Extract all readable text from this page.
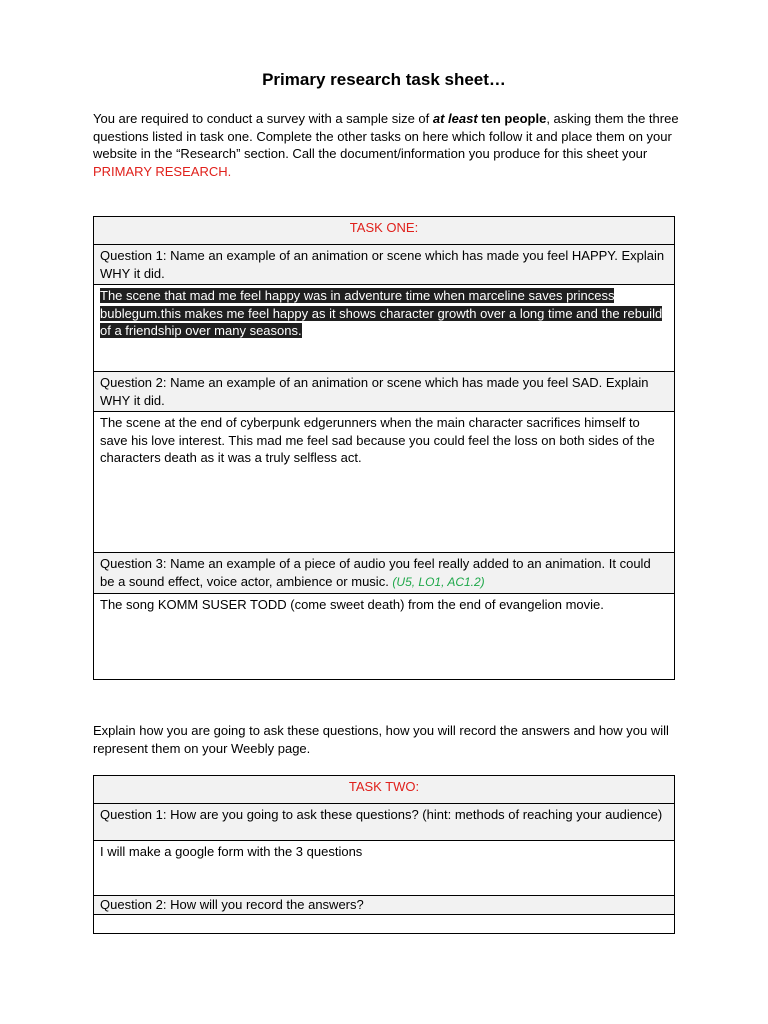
Primary research task sheet…
You are required to conduct a survey with a sample size of at least ten people, asking them the three questions listed in task one. Complete the other tasks on here which follow it and place them on your website in the “Research” section. Call the document/information you produce for this sheet your PRIMARY RESEARCH.
TASK ONE:
Question 1: Name an example of an animation or scene which has made you feel HAPPY. Explain WHY it did.
The scene that mad me feel happy was in adventure time when marceline saves princess bublegum.this makes me feel happy as it shows character growth over a long time and the rebuild of a friendship over many seasons.
Question 2: Name an example of an animation or scene which has made you feel SAD. Explain WHY it did.
The scene at the end of cyberpunk edgerunners when the main character sacrifices himself to save his love interest. This mad me feel sad because you could feel the loss on both sides of the characters death as it was a truly selfless act.
Question 3: Name an example of a piece of audio you feel really added to an animation. It could be a sound effect, voice actor, ambience or music. (U5, LO1, AC1.2)
The song KOMM SUSER TODD (come sweet death) from the end of evangelion movie.
Explain how you are going to ask these questions, how you will record the answers and how you will represent them on your Weebly page.
TASK TWO:
Question 1: How are you going to ask these questions? (hint: methods of reaching your audience)
I will make a google form with the 3 questions
Question 2: How will you record the answers?
